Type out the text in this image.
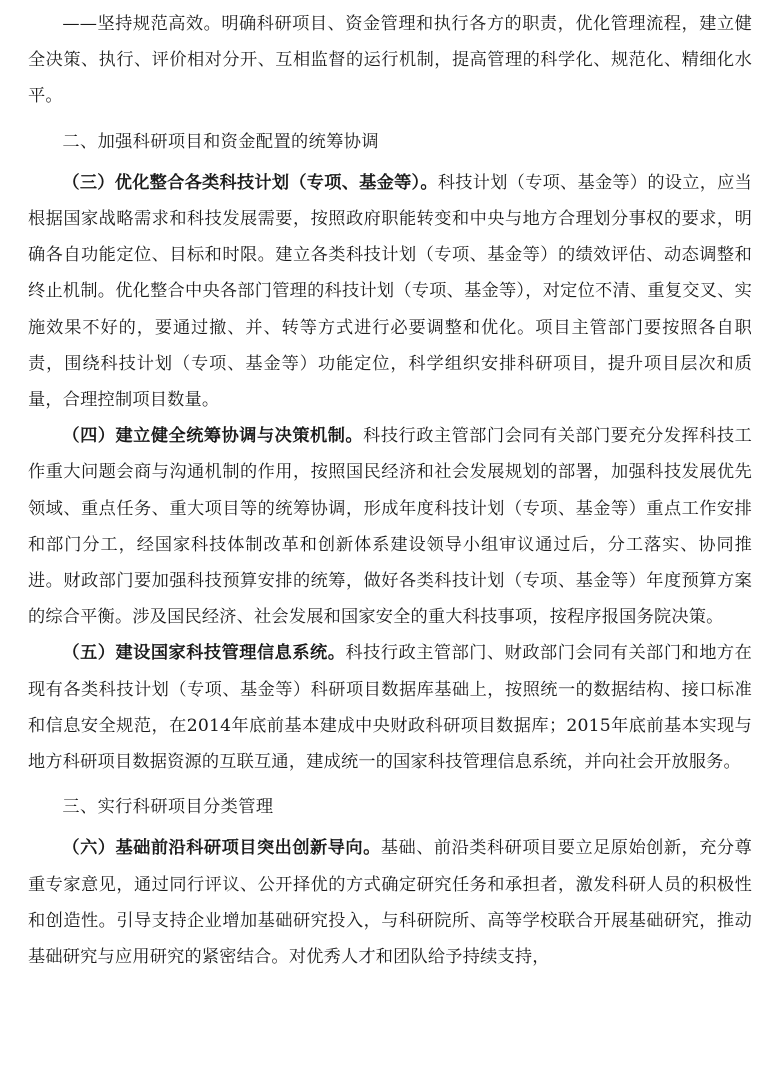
——坚持规范高效。明确科研项目、资金管理和执行各方的职责，优化管理流程，建立健全决策、执行、评价相对分开、互相监督的运行机制，提高管理的科学化、规范化、精细化水平。

二、加强科研项目和资金配置的统筹协调

（三）优化整合各类科技计划（专项、基金等）。科技计划（专项、基金等）的设立，应当根据国家战略需求和科技发展需要，按照政府职能转变和中央与地方合理划分事权的要求，明确各自功能定位、目标和时限。建立各类科技计划（专项、基金等）的绩效评估、动态调整和终止机制。优化整合中央各部门管理的科技计划（专项、基金等），对定位不清、重复交叉、实施效果不好的，要通过撤、并、转等方式进行必要调整和优化。项目主管部门要按照各自职责，围绕科技计划（专项、基金等）功能定位，科学组织安排科研项目，提升项目层次和质量，合理控制项目数量。

（四）建立健全统筹协调与决策机制。科技行政主管部门会同有关部门要充分发挥科技工作重大问题会商与沟通机制的作用，按照国民经济和社会发展规划的部署，加强科技发展优先领域、重点任务、重大项目等的统筹协调，形成年度科技计划（专项、基金等）重点工作安排和部门分工，经国家科技体制改革和创新体系建设领导小组审议通过后，分工落实、协同推进。财政部门要加强科技预算安排的统筹，做好各类科技计划（专项、基金等）年度预算方案的综合平衡。涉及国民经济、社会发展和国家安全的重大科技事项，按程序报国务院决策。

（五）建设国家科技管理信息系统。科技行政主管部门、财政部门会同有关部门和地方在现有各类科技计划（专项、基金等）科研项目数据库基础上，按照统一的数据结构、接口标准和信息安全规范，在2014年底前基本建成中央财政科研项目数据库；2015年底前基本实现与地方科研项目数据资源的互联互通，建成统一的国家科技管理信息系统，并向社会开放服务。

三、实行科研项目分类管理

（六）基础前沿科研项目突出创新导向。基础、前沿类科研项目要立足原始创新，充分尊重专家意见，通过同行评议、公开择优的方式确定研究任务和承担者，激发科研人员的积极性和创造性。引导支持企业增加基础研究投入，与科研院所、高等学校联合开展基础研究，推动基础研究与应用研究的紧密结合。对优秀人才和团队给予持续支持，
